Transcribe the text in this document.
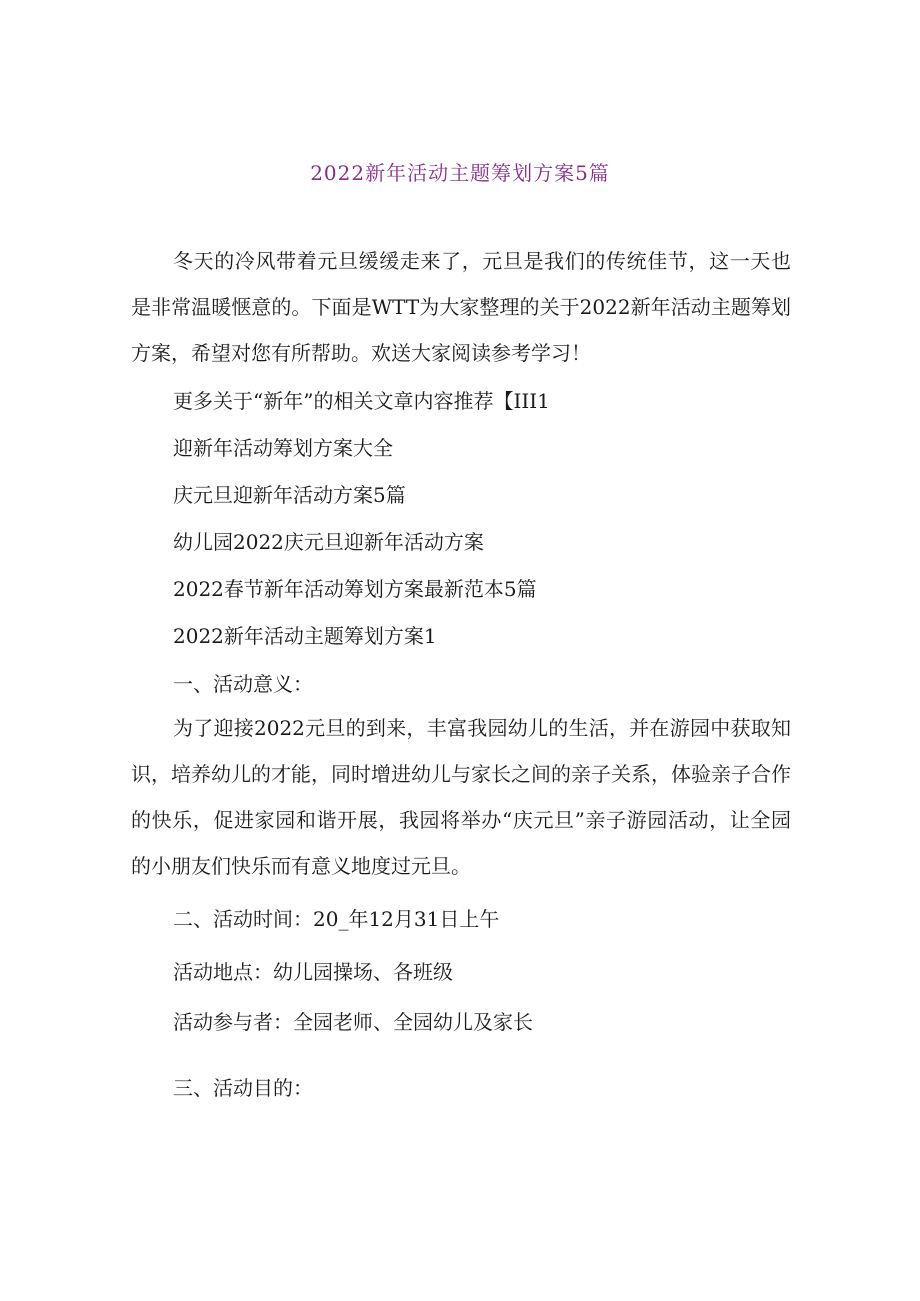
2022新年活动主题筹划方案5篇

冬天的冷风带着元旦缓缓走来了，元旦是我们的传统佳节，这一天也是非常温暖惬意的。下面是WTT为大家整理的关于2022新年活动主题筹划方案，希望对您有所帮助。欢送大家阅读参考学习！

更多关于“新年”的相关文章内容推荐【III1

迎新年活动筹划方案大全

庆元旦迎新年活动方案5篇

幼儿园2022庆元旦迎新年活动方案

2022春节新年活动筹划方案最新范本5篇

2022新年活动主题筹划方案1

一、活动意义：

为了迎接2022元旦的到来，丰富我园幼儿的生活，并在游园中获取知识，培养幼儿的才能，同时增进幼儿与家长之间的亲子关系，体验亲子合作的快乐，促进家园和谐开展，我园将举办“庆元旦”亲子游园活动，让全园的小朋友们快乐而有意义地度过元旦。

二、活动时间：20_年12月31日上午

活动地点：幼儿园操场、各班级

活动参与者：全园老师、全园幼儿及家长

三、活动目的：
